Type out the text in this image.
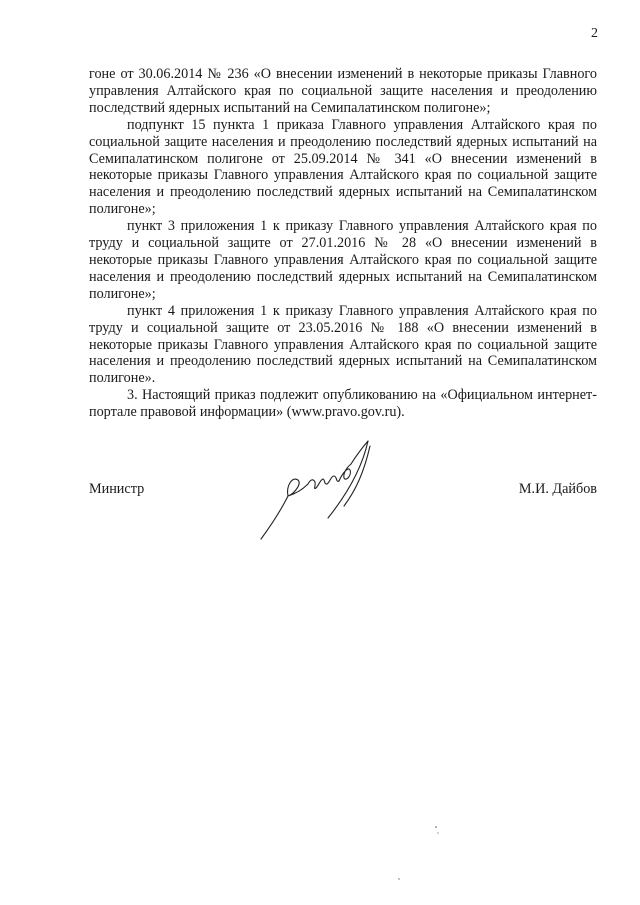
2

гоне от 30.06.2014 № 236 «О внесении изменений в некоторые приказы Главного управления Алтайского края по социальной защите населения и преодолению последствий ядерных испытаний на Семипалатинском полигоне»;

подпункт 15 пункта 1 приказа Главного управления Алтайского края по социальной защите населения и преодолению последствий ядерных испытаний на Семипалатинском полигоне от 25.09.2014 № 341 «О внесении изменений в некоторые приказы Главного управления Алтайского края по социальной защите населения и преодолению последствий ядерных испытаний на Семипалатинском полигоне»;

пункт 3 приложения 1 к приказу Главного управления Алтайского края по труду и социальной защите от 27.01.2016 № 28 «О внесении изменений в некоторые приказы Главного управления Алтайского края по социальной защите населения и преодолению последствий ядерных испытаний на Семипалатинском полигоне»;

пункт 4 приложения 1 к приказу Главного управления Алтайского края по труду и социальной защите от 23.05.2016 № 188 «О внесении изменений в некоторые приказы Главного управления Алтайского края по социальной защите населения и преодолению последствий ядерных испытаний на Семипалатинском полигоне».

3. Настоящий приказ подлежит опубликованию на «Официальном интернет-портале правовой информации» (www.pravo.gov.ru).

Министр	М.И. Дайбов
